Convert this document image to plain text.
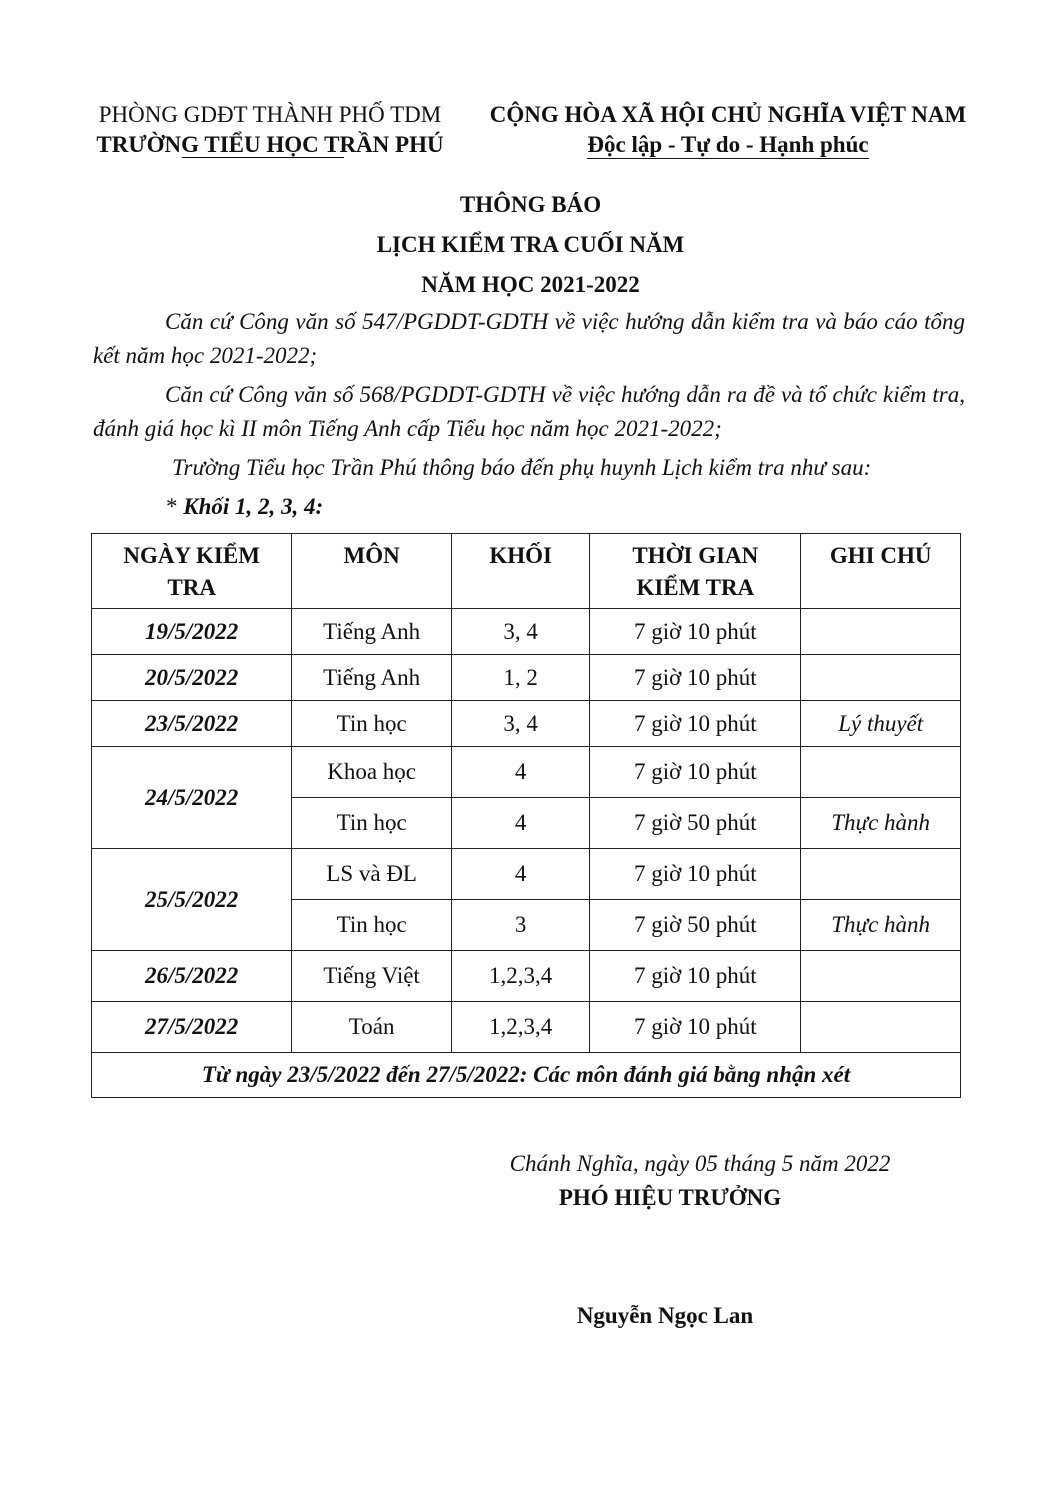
PHÒNG GDĐT THÀNH PHỐ TDM
TRƯỜNG TIỂU HỌC TRẦN PHÚ
CỘNG HÒA XÃ HỘI CHỦ NGHĨA VIỆT NAM
Độc lập - Tự do - Hạnh phúc
THÔNG BÁO
LỊCH KIỂM TRA CUỐI NĂM
NĂM HỌC 2021-2022
Căn cứ Công văn số 547/PGDDT-GDTH về việc hướng dẫn kiểm tra và báo cáo tổng kết năm học 2021-2022;
Căn cứ Công văn số 568/PGDDT-GDTH về việc hướng dẫn ra đề và tổ chức kiểm tra, đánh giá học kì II môn Tiếng Anh cấp Tiểu học năm học 2021-2022;
Trường Tiểu học Trần Phú thông báo đến phụ huynh Lịch kiểm tra như sau:
* Khối 1, 2, 3, 4:
NGÀY KIỂM TRA	MÔN	KHỐI	THỜI GIAN KIỂM TRA	GHI CHÚ
19/5/2022	Tiếng Anh	3, 4	7 giờ 10 phút	
20/5/2022	Tiếng Anh	1, 2	7 giờ 10 phút	
23/5/2022	Tin học	3, 4	7 giờ 10 phút	Lý thuyết
24/5/2022	Khoa học	4	7 giờ 10 phút	
	Tin học	4	7 giờ 50 phút	Thực hành
25/5/2022	LS và ĐL	4	7 giờ 10 phút	
	Tin học	3	7 giờ 50 phút	Thực hành
26/5/2022	Tiếng Việt	1,2,3,4	7 giờ 10 phút	
27/5/2022	Toán	1,2,3,4	7 giờ 10 phút	
Từ ngày 23/5/2022 đến 27/5/2022: Các môn đánh giá bằng nhận xét				
Chánh Nghĩa, ngày 05 tháng 5 năm 2022
PHÓ HIỆU TRƯỞNG
Nguyễn Ngọc Lan
